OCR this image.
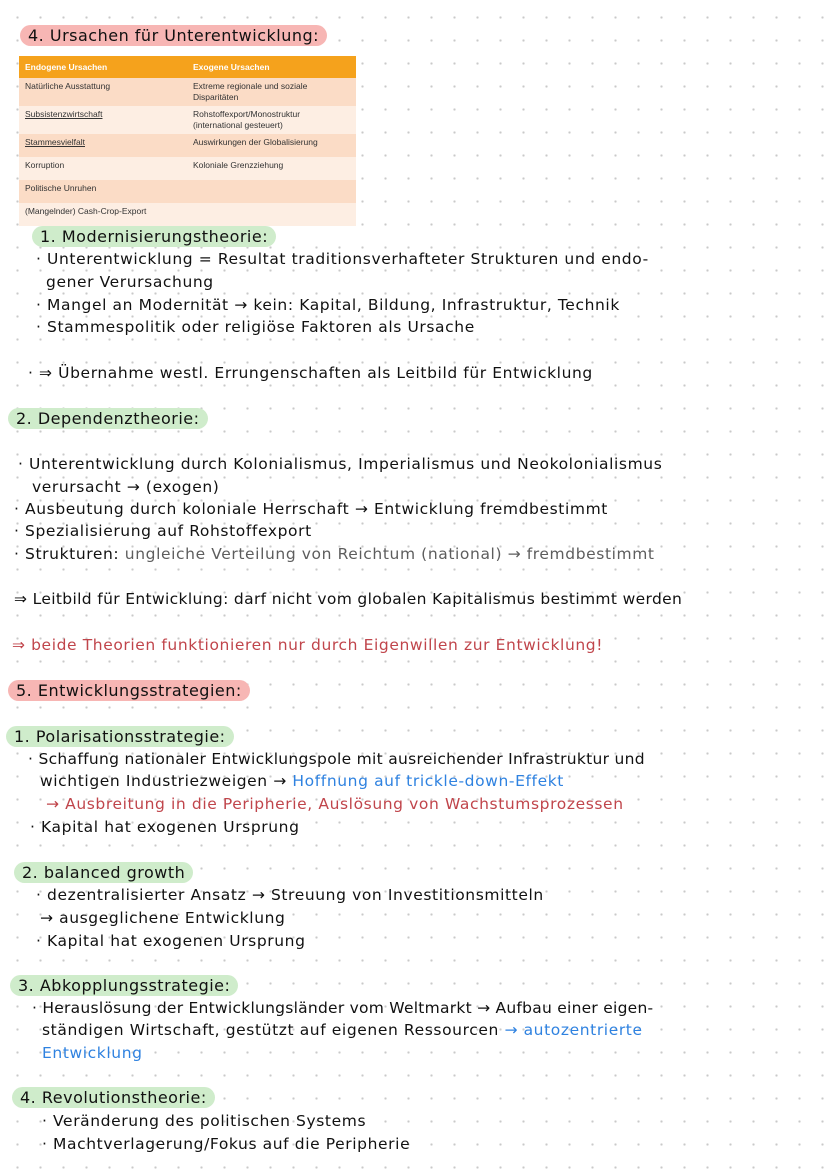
4. Ursachen für Unterentwicklung:
Endogene Ursachen	Exogene Ursachen
Natürliche Ausstattung	Extreme regionale und soziale Disparitäten
Subsistenzwirtschaft	Rohstoffexport/Monostruktur (international gesteuert)
Stammesvielfalt	Auswirkungen der Globalisierung
Korruption	Koloniale Grenzziehung
Politische Unruhen	
(Mangelnder) Cash-Crop-Export	
1. Modernisierungstheorie:
· Unterentwicklung = Resultat traditionsverhafteter Strukturen und endo-
gener Verursachung
· Mangel an Modernität → kein: Kapital, Bildung, Infrastruktur, Technik
· Stammespolitik oder religiöse Faktoren als Ursache
· ⇒ Übernahme westl. Errungenschaften als Leitbild für Entwicklung
2. Dependenztheorie:
· Unterentwicklung durch Kolonialismus, Imperialismus und Neokolonialismus
verursacht → (exogen)
· Ausbeutung durch koloniale Herrschaft → Entwicklung fremdbestimmt
· Spezialisierung auf Rohstoffexport
· Strukturen: ungleiche Verteilung von Reichtum (national) → fremdbestimmt
⇒ Leitbild für Entwicklung: darf nicht vom globalen Kapitalismus bestimmt werden
⇒ beide Theorien funktionieren nur durch Eigenwillen zur Entwicklung!
5. Entwicklungsstrategien:
1. Polarisationsstrategie:
· Schaffung nationaler Entwicklungspole mit ausreichender Infrastruktur und
wichtigen Industriezweigen → Hoffnung auf trickle-down-Effekt
→ Ausbreitung in die Peripherie, Auslösung von Wachstumsprozessen
· Kapital hat exogenen Ursprung
2. balanced growth
· dezentralisierter Ansatz → Streuung von Investitionsmitteln
→ ausgeglichene Entwicklung
· Kapital hat exogenen Ursprung
3. Abkopplungsstrategie:
· Herauslösung der Entwicklungsländer vom Weltmarkt → Aufbau einer eigen-
ständigen Wirtschaft, gestützt auf eigenen Ressourcen → autozentrierte
Entwicklung
4. Revolutionstheorie:
· Veränderung des politischen Systems
· Machtverlagerung/Fokus auf die Peripherie
